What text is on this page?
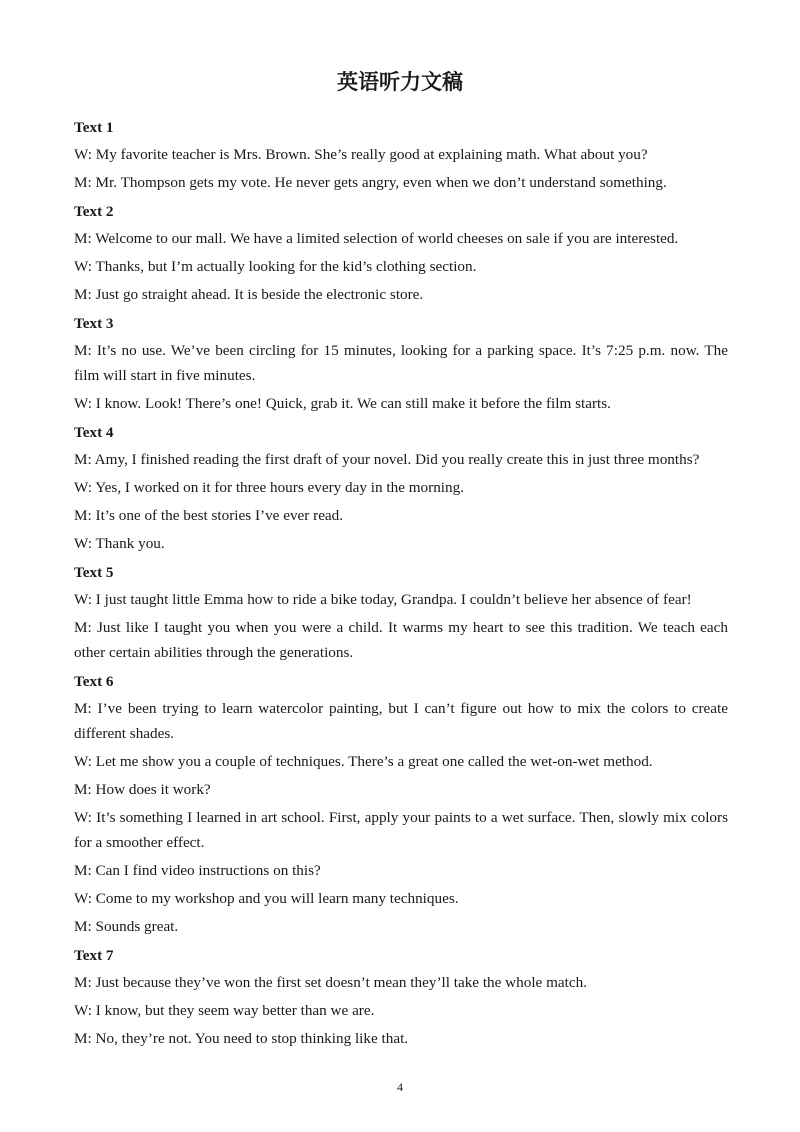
英语听力文稿
Text 1
W: My favorite teacher is Mrs. Brown. She’s really good at explaining math. What about you?
M: Mr. Thompson gets my vote. He never gets angry, even when we don’t understand something.
Text 2
M: Welcome to our mall. We have a limited selection of world cheeses on sale if you are interested.
W: Thanks, but I’m actually looking for the kid’s clothing section.
M: Just go straight ahead. It is beside the electronic store.
Text 3
M: It’s no use. We’ve been circling for 15 minutes, looking for a parking space. It’s 7:25 p.m. now. The film will start in five minutes.
W: I know. Look! There’s one! Quick, grab it. We can still make it before the film starts.
Text 4
M: Amy, I finished reading the first draft of your novel. Did you really create this in just three months?
W: Yes, I worked on it for three hours every day in the morning.
M: It’s one of the best stories I’ve ever read.
W: Thank you.
Text 5
W: I just taught little Emma how to ride a bike today, Grandpa. I couldn’t believe her absence of fear!
M: Just like I taught you when you were a child. It warms my heart to see this tradition. We teach each other certain abilities through the generations.
Text 6
M: I’ve been trying to learn watercolor painting, but I can’t figure out how to mix the colors to create different shades.
W: Let me show you a couple of techniques. There’s a great one called the wet-on-wet method.
M: How does it work?
W: It’s something I learned in art school. First, apply your paints to a wet surface. Then, slowly mix colors for a smoother effect.
M: Can I find video instructions on this?
W: Come to my workshop and you will learn many techniques.
M: Sounds great.
Text 7
M: Just because they’ve won the first set doesn’t mean they’ll take the whole match.
W: I know, but they seem way better than we are.
M: No, they’re not. You need to stop thinking like that.
4
